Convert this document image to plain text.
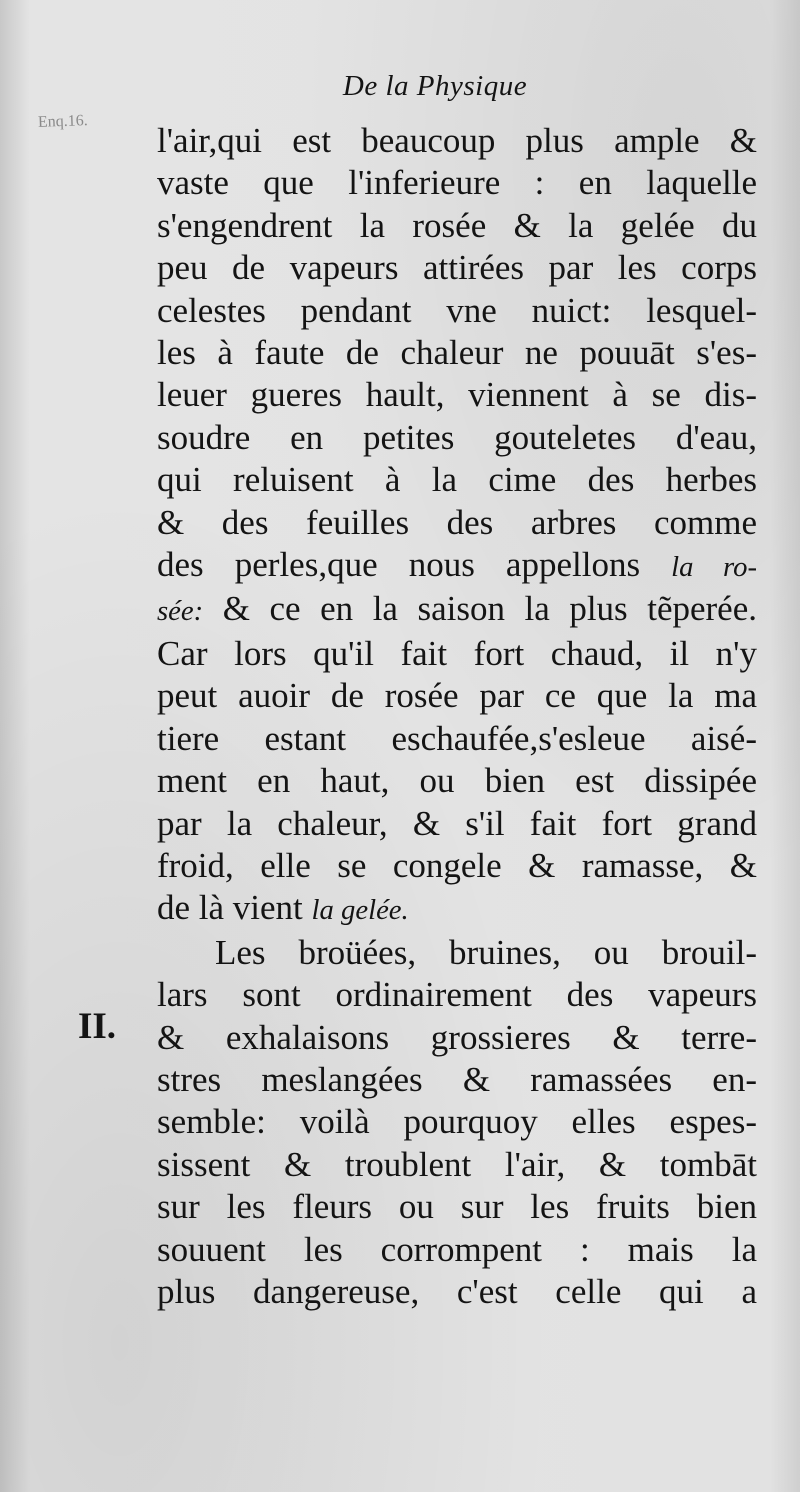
De la Physique
Enq.16.
II.
l'air,qui est beaucoup plus ample &
vaste que l'inferieure : en laquelle
s'engendrent la rosée & la gelée du
peu de vapeurs attirées par les corps
celestes pendant vne nuict: lesquel-
les à faute de chaleur ne pouuāt s'es-
leuer gueres hault, viennent à se dis-
soudre en petites gouteletes d'eau,
qui reluisent à la cime des herbes
& des feuilles des arbres comme
des perles,que nous appellons la ro-
sée: & ce en la saison la plus tẽperée.
Car lors qu'il fait fort chaud, il n'y
peut auoir de rosée par ce que la ma
tiere estant eschaufée,s'esleue aisé-
ment en haut, ou bien est dissipée
par la chaleur, & s'il fait fort grand
froid, elle se congele & ramasse, &
de là vient la gelée.
Les broüées, bruines, ou brouil-
lars sont ordinairement des vapeurs
& exhalaisons grossieres & terre-
stres meslangées & ramassées en-
semble: voilà pourquoy elles espes-
sissent & troublent l'air, & tombāt
sur les fleurs ou sur les fruits bien
souuent les corrompent : mais la
plus dangereuse, c'est celle qui a
